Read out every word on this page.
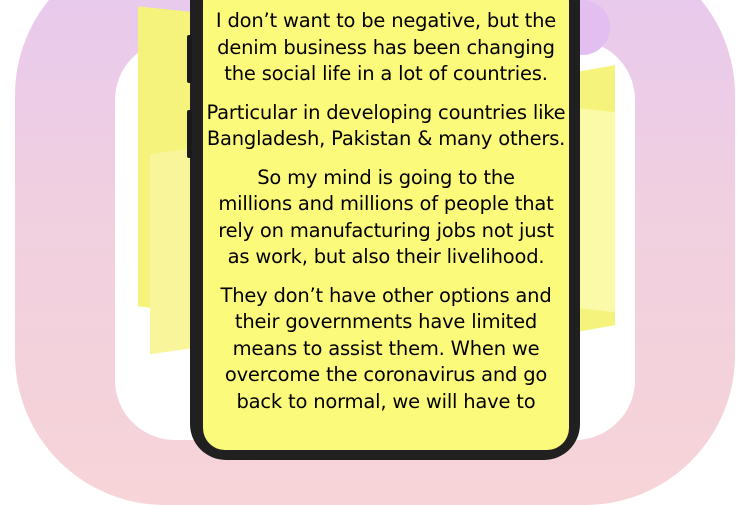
I don’t want to be negative, but the
denim business has been changing
the social life in a lot of countries.

Particular in developing countries like
Bangladesh, Pakistan & many others.

So my mind is going to the
millions and millions of people that
rely on manufacturing jobs not just
as work, but also their livelihood.

They don’t have other options and
their governments have limited
means to assist them. When we
overcome the coronavirus and go
back to normal, we will have to
